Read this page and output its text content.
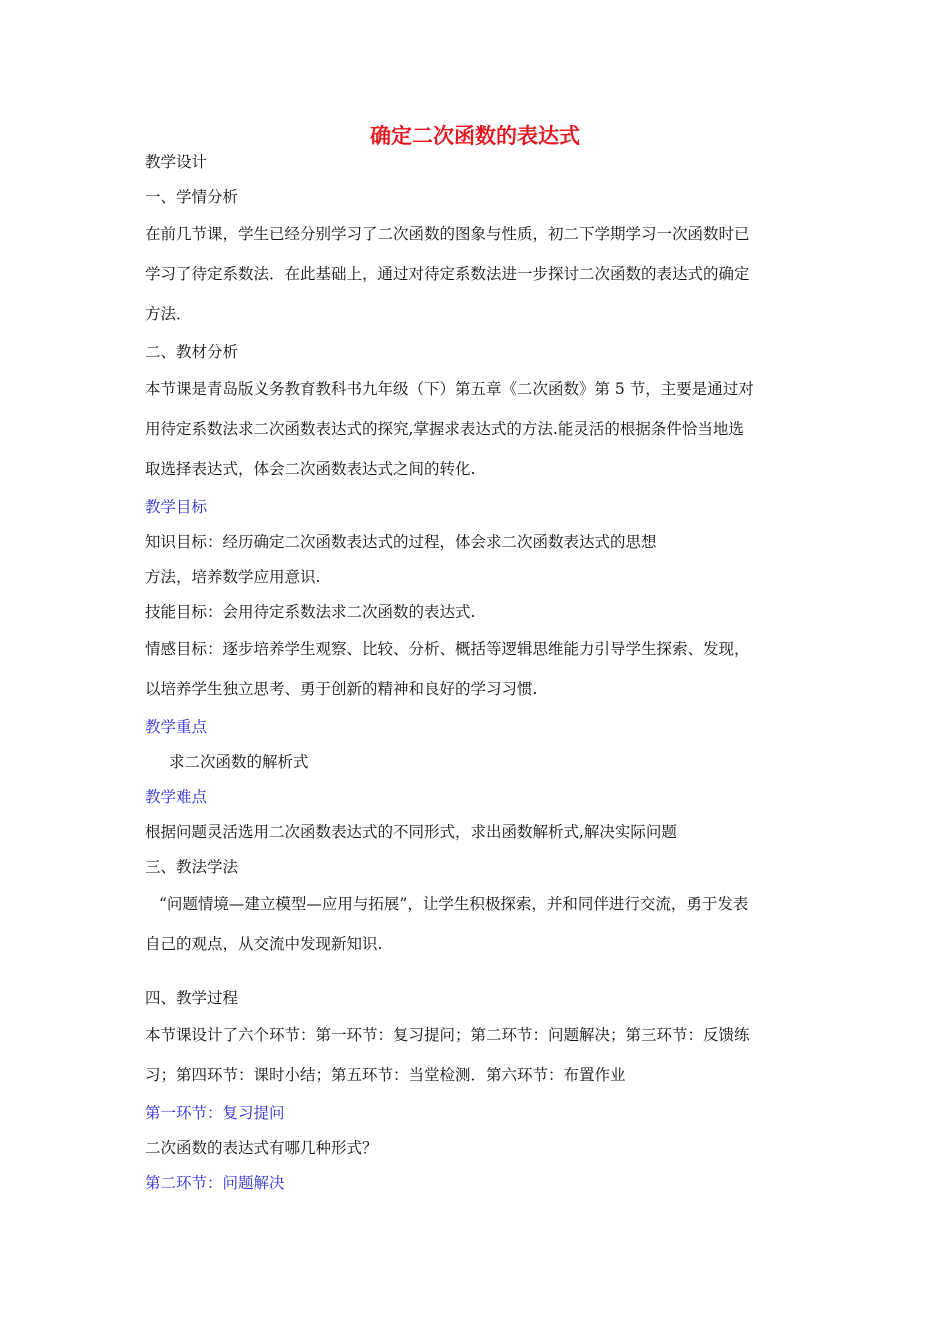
确定二次函数的表达式
教学设计
一、学情分析
在前几节课，学生已经分别学习了二次函数的图象与性质，初二下学期学习一次函数时已
学习了待定系数法．在此基础上，通过对待定系数法进一步探讨二次函数的表达式的确定
方法．
二、教材分析
本节课是青岛版义务教育教科书九年级（下）第五章《二次函数》第 5 节，主要是通过对
用待定系数法求二次函数表达式的探究,掌握求表达式的方法.能灵活的根据条件恰当地选
取选择表达式，体会二次函数表达式之间的转化.
教学目标
知识目标：经历确定二次函数表达式的过程，体会求二次函数表达式的思想
方法，培养数学应用意识.
技能目标：会用待定系数法求二次函数的表达式.
情感目标：逐步培养学生观察、比较、分析、概括等逻辑思维能力引导学生探索、发现，
以培养学生独立思考、勇于创新的精神和良好的学习习惯.
教学重点
求二次函数的解析式
教学难点
根据问题灵活选用二次函数表达式的不同形式，求出函数解析式,解决实际问题
三、教法学法
“问题情境—建立模型—应用与拓展”，让学生积极探索，并和同伴进行交流，勇于发表
自己的观点，从交流中发现新知识.
四、教学过程
本节课设计了六个环节：第一环节：复习提问；第二环节：问题解决；第三环节：反馈练
习；第四环节：课时小结；第五环节：当堂检测．第六环节：布置作业
第一环节：复习提问
二次函数的表达式有哪几种形式？
第二环节：问题解决
